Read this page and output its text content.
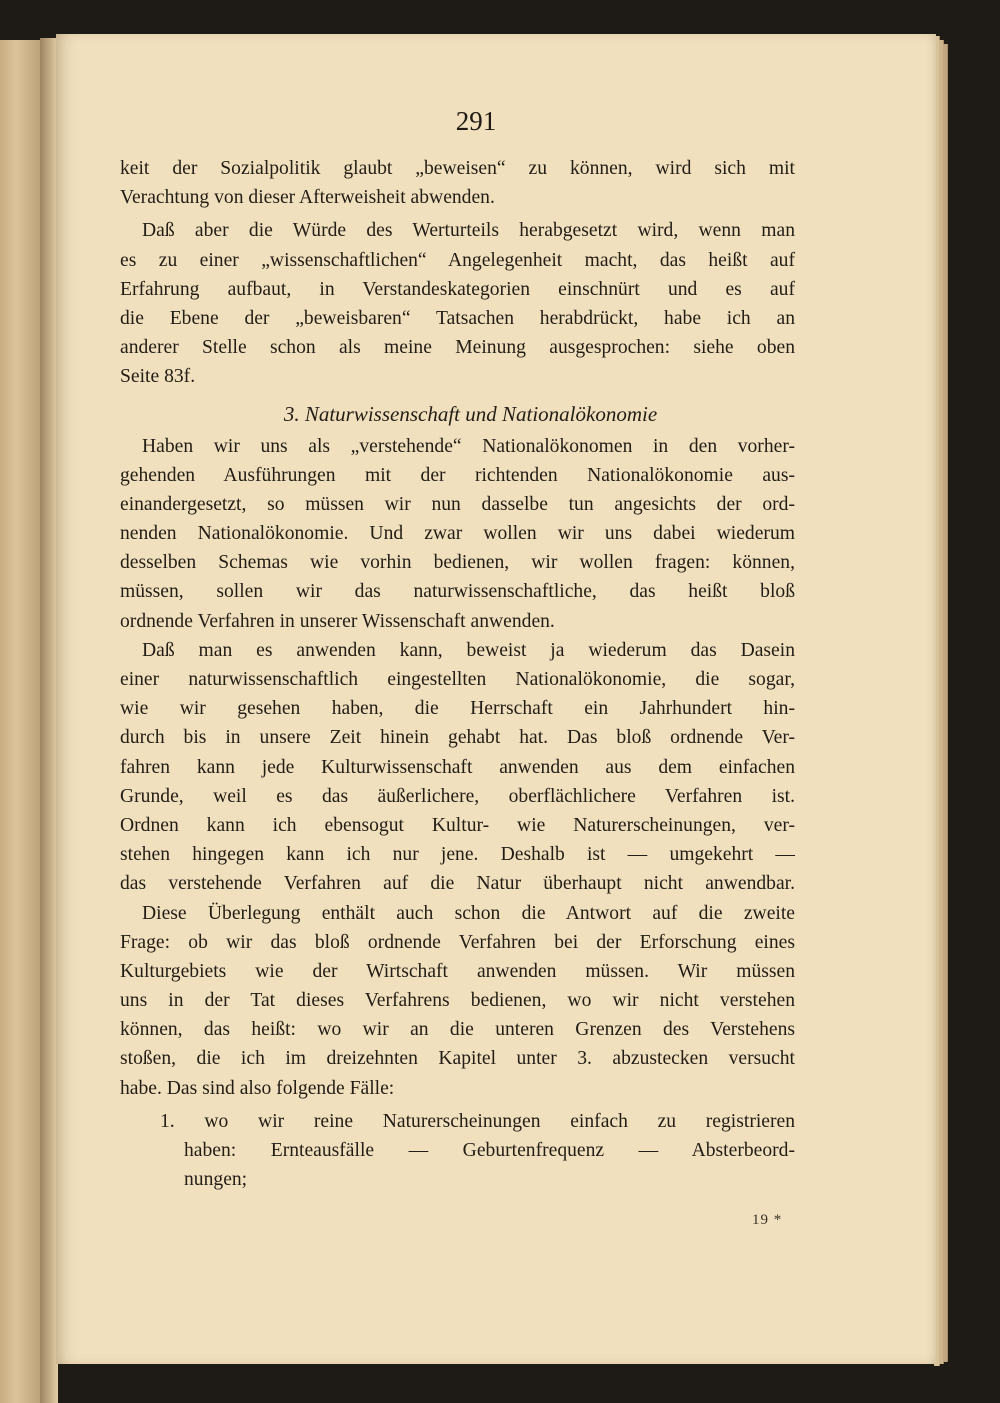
291
keit der Sozialpolitik glaubt „beweisen“ zu können, wird sich mit
Verachtung von dieser Afterweisheit abwenden.
Daß aber die Würde des Werturteils herabgesetzt wird, wenn man
es zu einer „wissenschaftlichen“ Angelegenheit macht, das heißt auf
Erfahrung aufbaut, in Verstandeskategorien einschnürt und es auf
die Ebene der „beweisbaren“ Tatsachen herabdrückt, habe ich an
anderer Stelle schon als meine Meinung ausgesprochen: siehe oben
Seite 83f.
3. Naturwissenschaft und Nationalökonomie
Haben wir uns als „verstehende“ Nationalökonomen in den vorher-
gehenden Ausführungen mit der richtenden Nationalökonomie aus-
einandergesetzt, so müssen wir nun dasselbe tun angesichts der ord-
nenden Nationalökonomie. Und zwar wollen wir uns dabei wiederum
desselben Schemas wie vorhin bedienen, wir wollen fragen: können,
müssen, sollen wir das naturwissenschaftliche, das heißt bloß
ordnende Verfahren in unserer Wissenschaft anwenden.
Daß man es anwenden kann, beweist ja wiederum das Dasein
einer naturwissenschaftlich eingestellten Nationalökonomie, die sogar,
wie wir gesehen haben, die Herrschaft ein Jahrhundert hin-
durch bis in unsere Zeit hinein gehabt hat. Das bloß ordnende Ver-
fahren kann jede Kulturwissenschaft anwenden aus dem einfachen
Grunde, weil es das äußerlichere, oberflächlichere Verfahren ist.
Ordnen kann ich ebensogut Kultur- wie Naturerscheinungen, ver-
stehen hingegen kann ich nur jene. Deshalb ist — umgekehrt —
das verstehende Verfahren auf die Natur überhaupt nicht anwendbar.
Diese Überlegung enthält auch schon die Antwort auf die zweite
Frage: ob wir das bloß ordnende Verfahren bei der Erforschung eines
Kulturgebiets wie der Wirtschaft anwenden müssen. Wir müssen
uns in der Tat dieses Verfahrens bedienen, wo wir nicht verstehen
können, das heißt: wo wir an die unteren Grenzen des Verstehens
stoßen, die ich im dreizehnten Kapitel unter 3. abzustecken versucht
habe. Das sind also folgende Fälle:
1. wo wir reine Naturerscheinungen einfach zu registrieren
haben: Ernteausfälle — Geburtenfrequenz — Absterbeord-
nungen;
19 *
